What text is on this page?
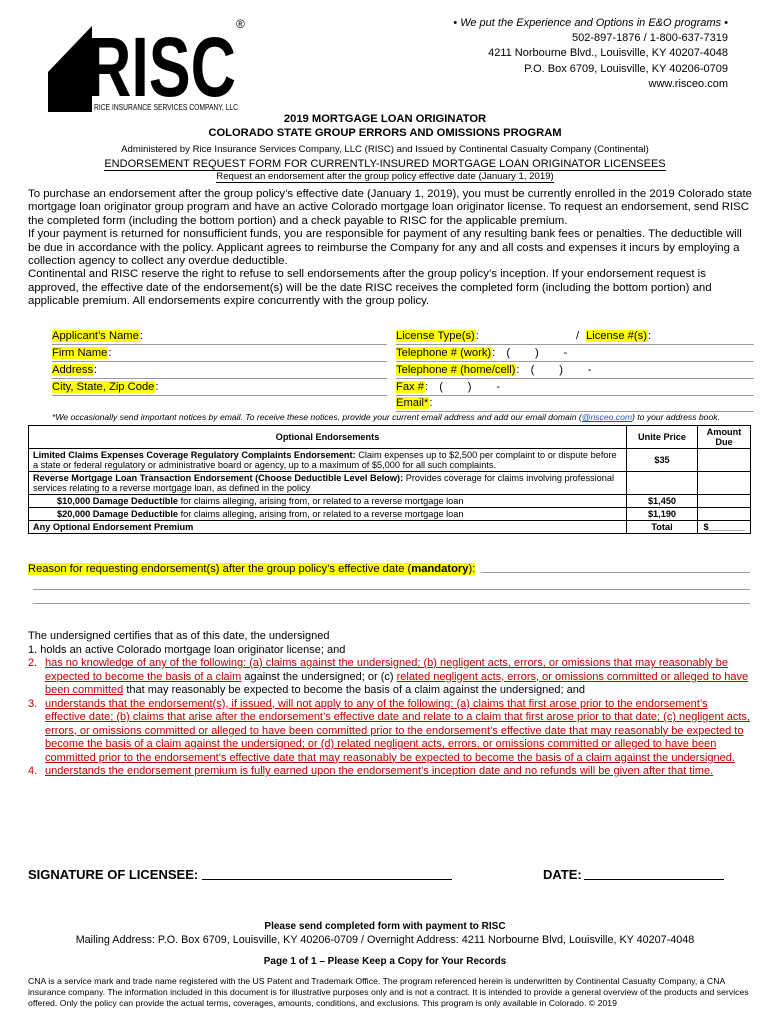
RISC ®
RICE INSURANCE SERVICES COMPANY, LLC
• We put the Experience and Options in E&O programs •
502-897-1876 / 1-800-637-7319
4211 Norbourne Blvd., Louisville, KY 40207-4048
P.O. Box 6709, Louisville, KY 40206-0709
www.risceo.com
2019 MORTGAGE LOAN ORIGINATOR
COLORADO STATE GROUP ERRORS AND OMISSIONS PROGRAM
Administered by Rice Insurance Services Company, LLC (RISC) and Issued by Continental Casualty Company (Continental)
ENDORSEMENT REQUEST FORM FOR CURRENTLY-INSURED MORTGAGE LOAN ORIGINATOR LICENSEES
Request an endorsement after the group policy effective date (January 1, 2019)

To purchase an endorsement after the group policy’s effective date (January 1, 2019), you must be currently enrolled in the 2019 Colorado state mortgage loan originator group program and have an active Colorado mortgage loan originator license. To request an endorsement, send RISC the completed form (including the bottom portion) and a check payable to RISC for the applicable premium.

If your payment is returned for nonsufficient funds, you are responsible for payment of any resulting bank fees or penalties. The deductible will be due in accordance with the policy. Applicant agrees to reimburse the Company for any and all costs and expenses it incurs by employing a collection agency to collect any overdue deductible.

Continental and RISC reserve the right to refuse to sell endorsements after the group policy’s inception. If your endorsement request is approved, the effective date of the endorsement(s) will be the date RISC receives the completed form (including the bottom portion) and applicable premium. All endorsements expire concurrently with the group policy.

Applicant’s Name:
Firm Name:
Address:
City, State, Zip Code:
License Type(s):	/ License #(s):
Telephone # (work): (        )        -
Telephone # (home/cell): (        )        -
Fax #: (        )        -
Email*:
*We occasionally send important notices by email. To receive these notices, provide your current email address and add our email domain (@risceo.com) to your address book.
Optional Endorsements	Unite Price	Amount Due
Limited Claims Expenses Coverage Regulatory Complaints Endorsement: Claim expenses up to $2,500 per complaint to or dispute before a state or federal regulatory or administrative board or agency, up to a maximum of $5,000 for all such complaints.	$35	
Reverse Mortgage Loan Transaction Endorsement (Choose Deductible Level Below): Provides coverage for claims involving professional services relating to a reverse mortgage loan, as defined in the policy		
$10,000 Damage Deductible for claims alleging, arising from, or related to a reverse mortgage loan	$1,450	
$20,000 Damage Deductible for claims alleging, arising from, or related to a reverse mortgage loan	$1,190	
Any Optional Endorsement Premium	Total	$_______
Reason for requesting endorsement(s) after the group policy’s effective date (mandatory):
The undersigned certifies that as of this date, the undersigned
1. holds an active Colorado mortgage loan originator license; and
2. has no knowledge of any of the following: (a) claims against the undersigned; (b) negligent acts, errors, or omissions that may reasonably be expected to become the basis of a claim against the undersigned; or (c) related negligent acts, errors, or omissions committed or alleged to have been committed that may reasonably be expected to become the basis of a claim against the undersigned; and
3. understands that the endorsement(s), if issued, will not apply to any of the following: (a) claims that first arose prior to the endorsement’s effective date; (b) claims that arise after the endorsement’s effective date and relate to a claim that first arose prior to that date; (c) negligent acts, errors, or omissions committed or alleged to have been committed prior to the endorsement’s effective date that may reasonably be expected to become the basis of a claim against the undersigned; or (d) related negligent acts, errors, or omissions committed or alleged to have been committed prior to the endorsement’s effective date that may reasonably be expected to become the basis of a claim against the undersigned.
4. understands the endorsement premium is fully earned upon the endorsement’s inception date and no refunds will be given after that time.
SIGNATURE OF LICENSEE:	DATE:
Please send completed form with payment to RISC
Mailing Address: P.O. Box 6709, Louisville, KY 40206-0709 / Overnight Address: 4211 Norbourne Blvd, Louisville, KY 40207-4048
Page 1 of 1 – Please Keep a Copy for Your Records
CNA is a service mark and trade name registered with the US Patent and Trademark Office. The program referenced herein is underwritten by Continental Casualty Company, a CNA insurance company. The information included in this document is for illustrative purposes only and is not a contract. It is intended to provide a general overview of the products and services offered. Only the policy can provide the actual terms, coverages, amounts, conditions, and exclusions. This program is only available in Colorado. © 2019
